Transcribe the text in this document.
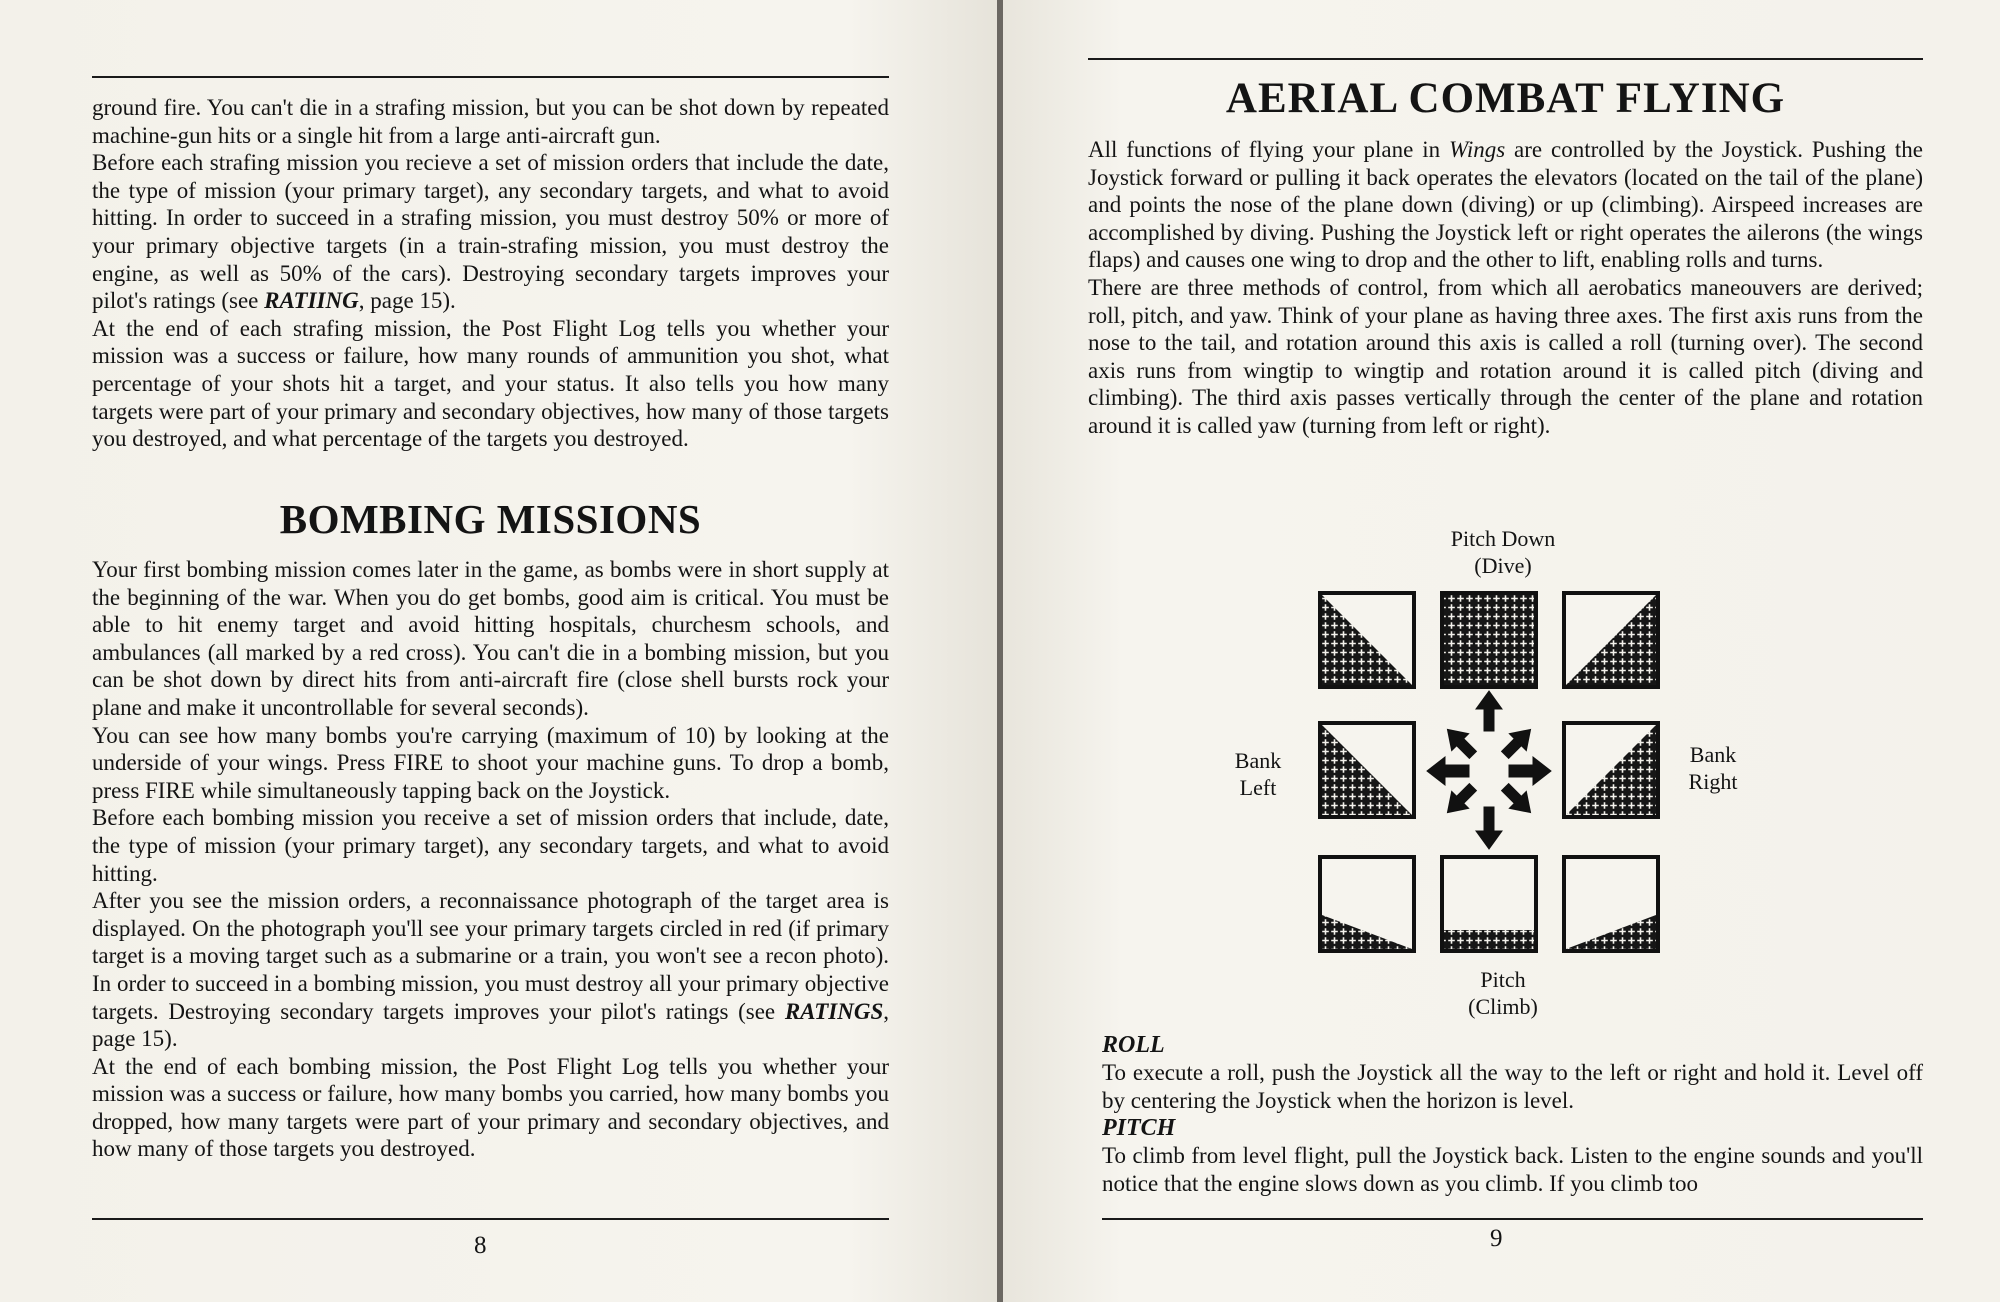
ground fire. You can't die in a strafing mission, but you can be shot down by repeated machine-gun hits or a single hit from a large anti-aircraft gun.

Before each strafing mission you recieve a set of mission orders that include the date, the type of mission (your primary target), any secondary targets, and what to avoid hitting. In order to succeed in a strafing mission, you must destroy 50% or more of your primary objective targets (in a train-strafing mission, you must destroy the engine, as well as 50% of the cars). Destroying secondary targets improves your pilot's ratings (see RATIING, page 15).

At the end of each strafing mission, the Post Flight Log tells you whether your mission was a success or failure, how many rounds of ammunition you shot, what percentage of your shots hit a target, and your status. It also tells you how many targets were part of your primary and secondary objectives, how many of those targets you destroyed, and what percentage of the targets you destroyed.

BOMBING MISSIONS

Your first bombing mission comes later in the game, as bombs were in short supply at the beginning of the war. When you do get bombs, good aim is critical. You must be able to hit enemy target and avoid hitting hospitals, churchesm schools, and ambulances (all marked by a red cross). You can't die in a bombing mission, but you can be shot down by direct hits from anti-aircraft fire (close shell bursts rock your plane and make it uncontrollable for several seconds).

You can see how many bombs you're carrying (maximum of 10) by looking at the underside of your wings. Press FIRE to shoot your machine guns. To drop a bomb, press FIRE while simultaneously tapping back on the Joystick.

Before each bombing mission you receive a set of mission orders that include, date, the type of mission (your primary target), any secondary targets, and what to avoid hitting.

After you see the mission orders, a reconnaissance photograph of the target area is displayed. On the photograph you'll see your primary targets circled in red (if primary target is a moving target such as a submarine or a train, you won't see a recon photo). In order to succeed in a bombing mission, you must destroy all your primary objective targets. Destroying secondary targets improves your pilot's ratings (see RATINGS, page 15).

At the end of each bombing mission, the Post Flight Log tells you whether your mission was a success or failure, how many bombs you carried, how many bombs you dropped, how many targets were part of your primary and secondary objectives, and how many of those targets you destroyed.

8
AERIAL COMBAT FLYING

All functions of flying your plane in Wings are controlled by the Joystick. Pushing the Joystick forward or pulling it back operates the elevators (located on the tail of the plane) and points the nose of the plane down (diving) or up (climbing). Airspeed increases are accomplished by diving. Pushing the Joystick left or right operates the ailerons (the wings flaps) and causes one wing to drop and the other to lift, enabling rolls and turns.

There are three methods of control, from which all aerobatics maneouvers are derived; roll, pitch, and yaw. Think of your plane as having three axes. The first axis runs from the nose to the tail, and rotation around this axis is called a roll (turning over). The second axis runs from wingtip to wingtip and rotation around it is called pitch (diving and climbing). The third axis passes vertically through the center of the plane and rotation around it is called yaw (turning from left or right).

Pitch Down
(Dive)
Bank
Left
Bank
Right
Pitch
(Climb)
ROLL

To execute a roll, push the Joystick all the way to the left or right and hold it. Level off by centering the Joystick when the horizon is level.

PITCH

To climb from level flight, pull the Joystick back. Listen to the engine sounds and you'll notice that the engine slows down as you climb. If you climb too

9
